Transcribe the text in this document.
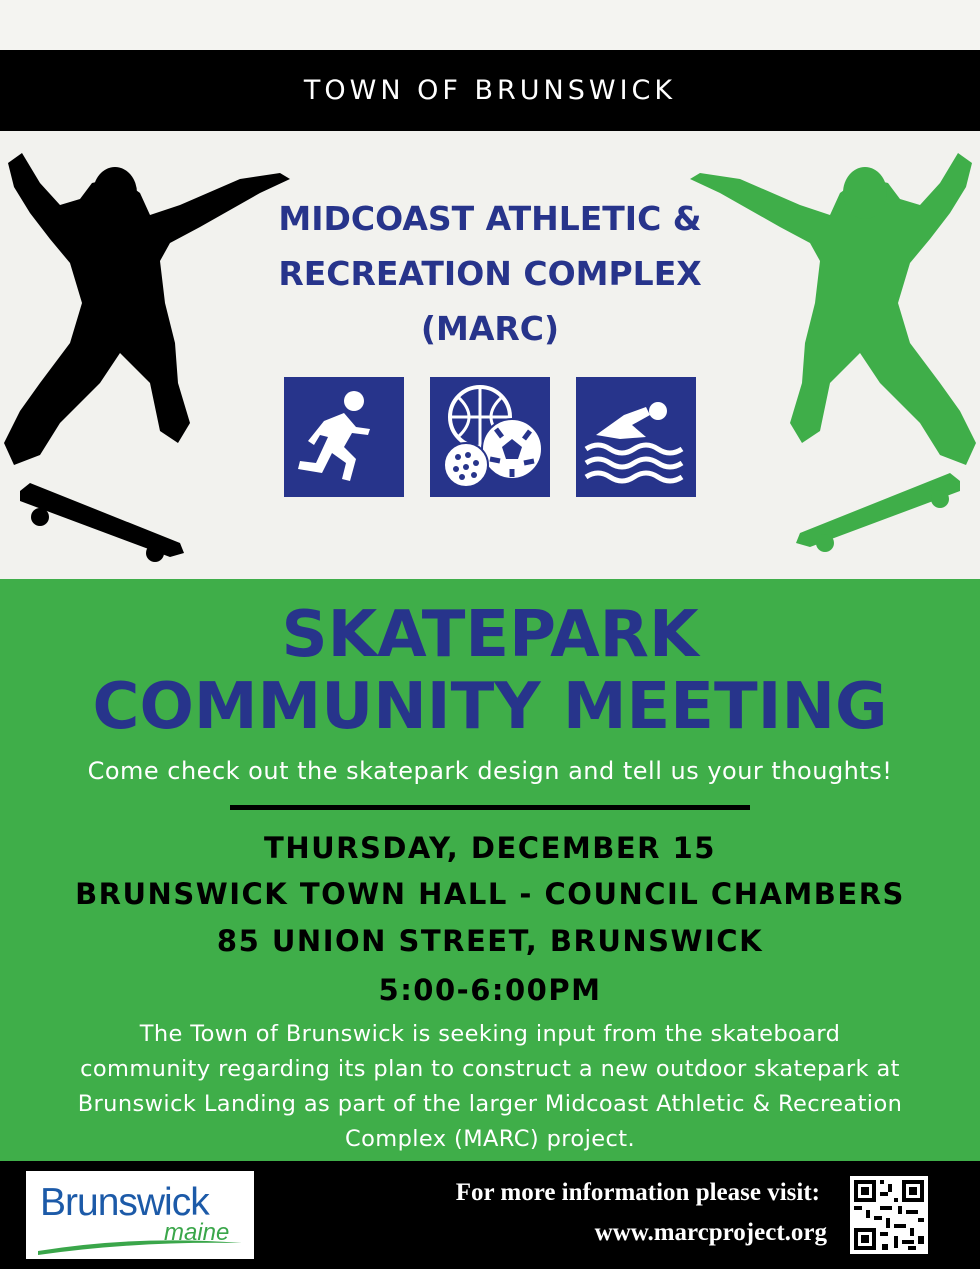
TOWN OF BRUNSWICK
MIDCOAST ATHLETIC &
RECREATION COMPLEX
(MARC)
SKATEPARK
COMMUNITY MEETING
Come check out the skatepark design and tell us your thoughts!
THURSDAY, DECEMBER 15
BRUNSWICK TOWN HALL - COUNCIL CHAMBERS
85 UNION STREET, BRUNSWICK
5:00-6:00PM
The Town of Brunswick is seeking input from the skateboard
community regarding its plan to construct a new outdoor skatepark at
Brunswick Landing as part of the larger Midcoast Athletic & Recreation
Complex (MARC) project.
Brunswick
maine
For more information please visit:
www.marcproject.org
